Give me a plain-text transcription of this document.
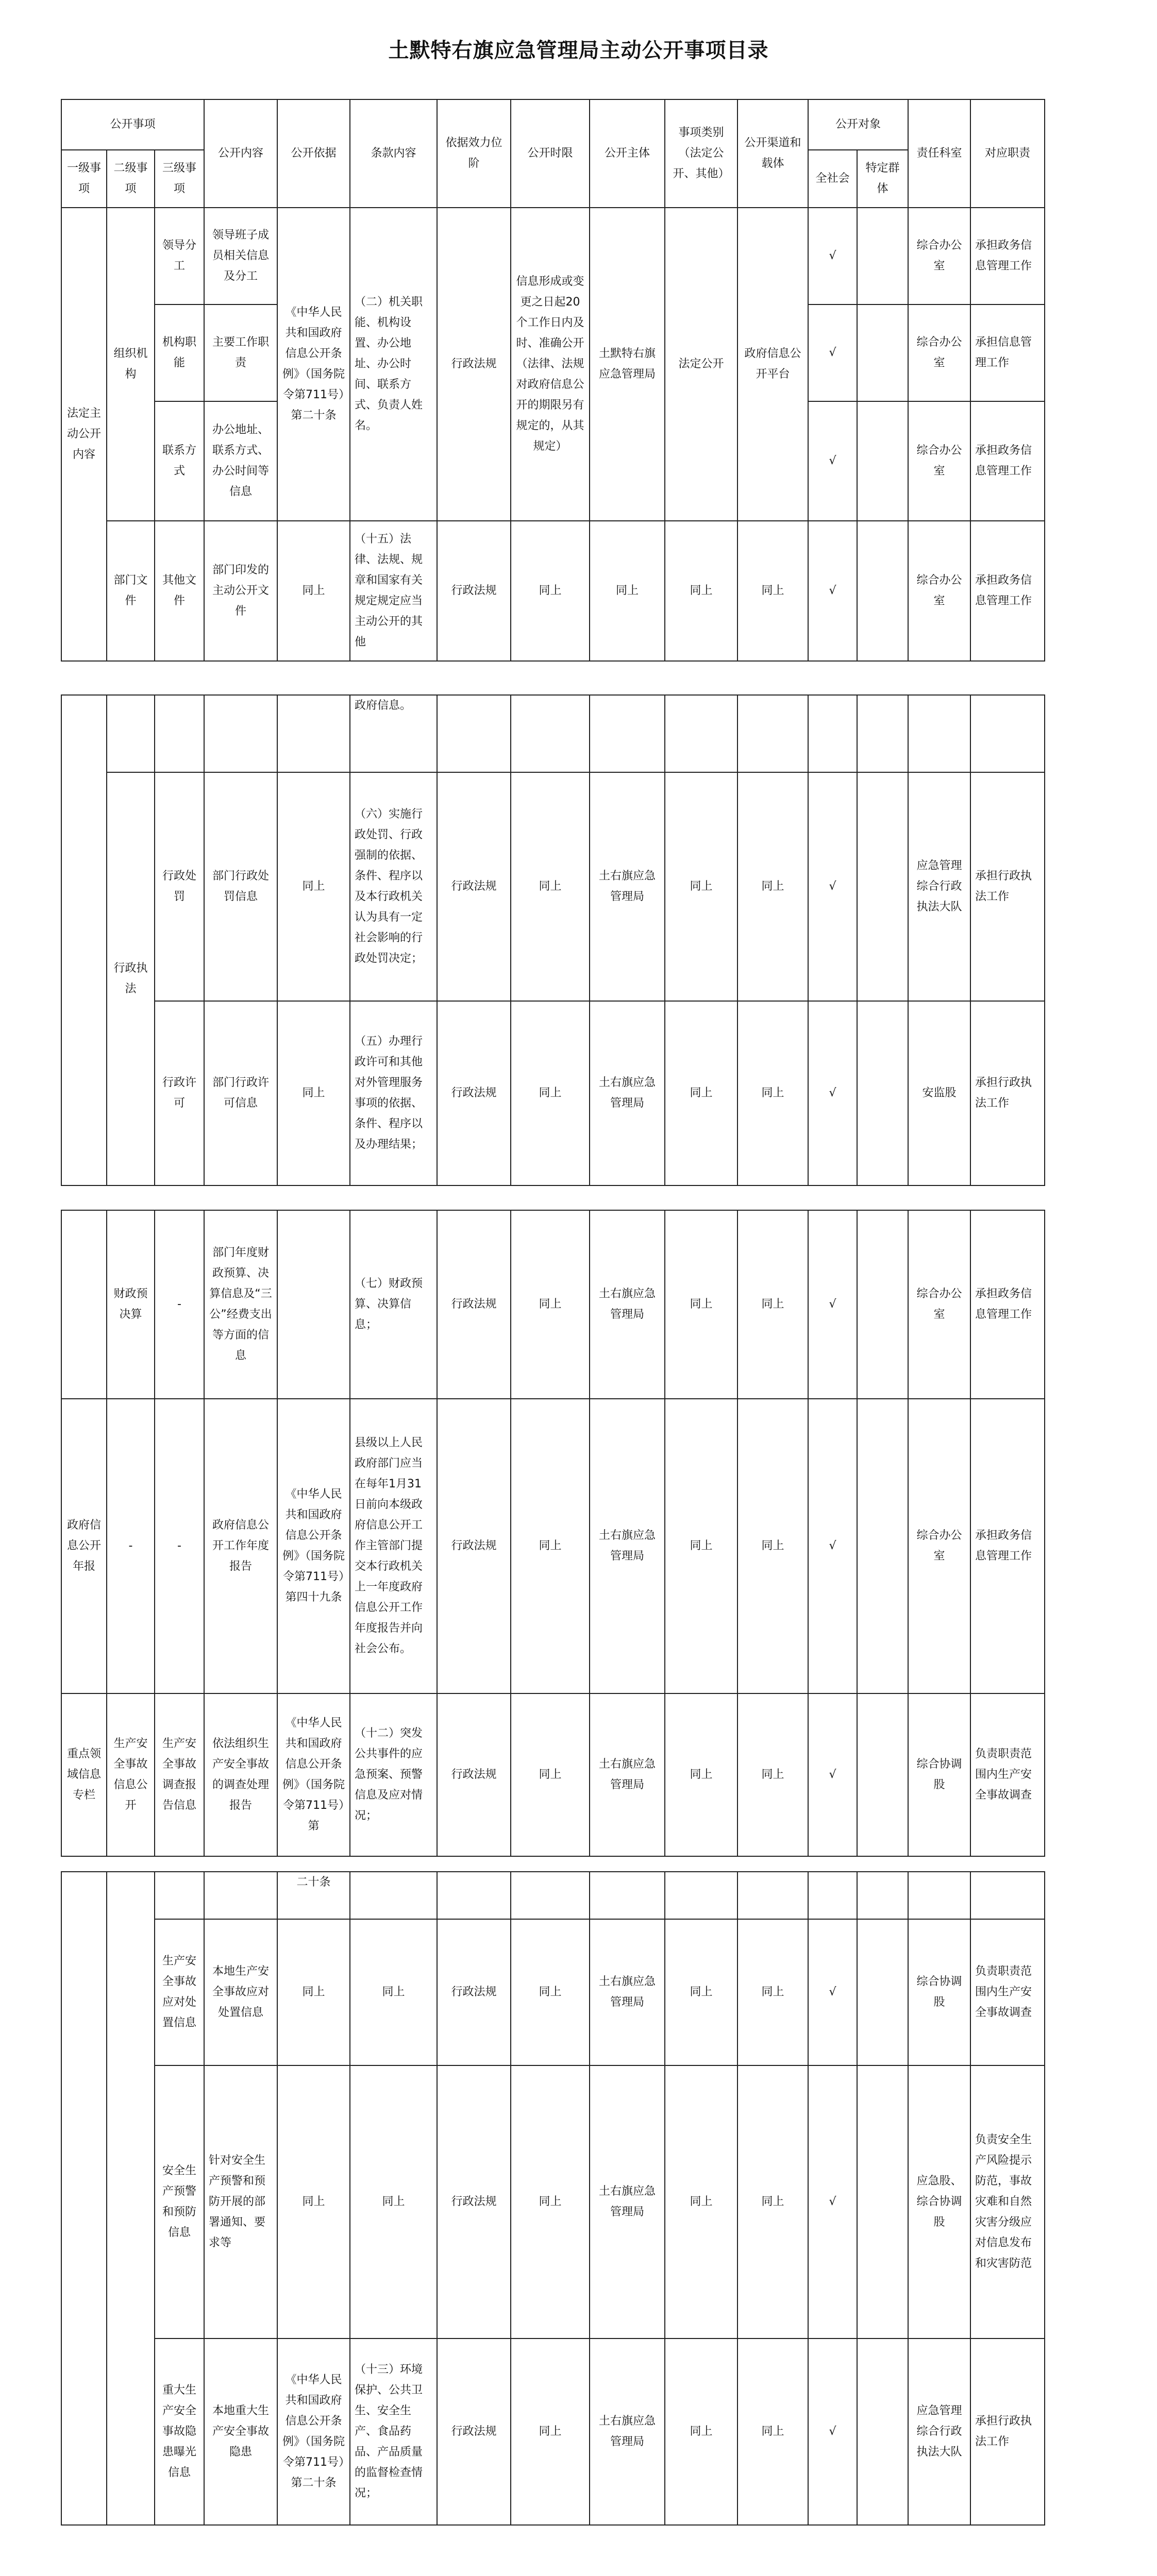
土默特右旗应急管理局主动公开事项目录
公开事项			公开内容	公开依据	条款内容	依据效力位阶	公开时限	公开主体	事项类别（法定公开、其他）	公开渠道和载体	公开对象		责任科室	对应职责
一级事项	二级事项	三级事项									全社会	特定群体		
法定主动公开内容	组织机构	领导分工	领导班子成员相关信息及分工	《中华人民共和国政府信息公开条例》（国务院令第711号）第二十条	（二）机关职能、机构设置、办公地址、办公时间、联系方式、负责人姓名。	行政法规	信息形成或变更之日起20个工作日内及时、准确公开（法律、法规对政府信息公开的期限另有规定的，从其规定）	土默特右旗应急管理局	法定公开	政府信息公开平台	√		综合办公室	承担政务信息管理工作
		机构职能	主要工作职责								√		综合办公室	承担信息管理工作
		联系方式	办公地址、联系方式、办公时间等信息								√		综合办公室	承担政务信息管理工作
	部门文件	其他文件	部门印发的主动公开文件	同上	（十五）法律、法规、规章和国家有关规定规定应当主动公开的其他	行政法规	同上	同上	同上	同上	√		综合办公室	承担政务信息管理工作
					政府信息。									
	行政执法	行政处罚	部门行政处罚信息	同上	（六）实施行政处罚、行政强制的依据、条件、程序以及本行政机关认为具有一定社会影响的行政处罚决定；	行政法规	同上	土右旗应急管理局	同上	同上	√		应急管理综合行政执法大队	承担行政执法工作
		行政许可	部门行政许可信息	同上	（五）办理行政许可和其他对外管理服务事项的依据、条件、程序以及办理结果；	行政法规	同上	土右旗应急管理局	同上	同上	√		安监股	承担行政执法工作
	财政预决算	-	部门年度财政预算、决算信息及“三公”经费支出等方面的信息		（七）财政预算、决算信息；	行政法规	同上	土右旗应急管理局	同上	同上	√		综合办公室	承担政务信息管理工作
政府信息公开年报	-	-	政府信息公开工作年度报告	《中华人民共和国政府信息公开条例》（国务院令第711号）第四十九条	县级以上人民政府部门应当在每年1月31日前向本级政府信息公开工作主管部门提交本行政机关上一年度政府信息公开工作年度报告并向社会公布。	行政法规	同上	土右旗应急管理局	同上	同上	√		综合办公室	承担政务信息管理工作
重点领域信息专栏	生产安全事故信息公开	生产安全事故调查报告信息	依法组织生产安全事故的调查处理报告	《中华人民共和国政府信息公开条例》（国务院令第711号）第	（十二）突发公共事件的应急预案、预警信息及应对情况；	行政法规	同上	土右旗应急管理局	同上	同上	√		综合协调股	负责职责范围内生产安全事故调查
				二十条										
		生产安全事故应对处置信息	本地生产安全事故应对处置信息	同上	同上	行政法规	同上	土右旗应急管理局	同上	同上	√		综合协调股	负责职责范围内生产安全事故调查
		安全生产预警和预防信息	针对安全生产预警和预防开展的部署通知、要求等	同上	同上	行政法规	同上	土右旗应急管理局	同上	同上	√		应急股、综合协调股	负责安全生产风险提示防范，事故灾难和自然灾害分级应对信息发布和灾害防范
		重大生产安全事故隐患曝光信息	本地重大生产安全事故隐患	《中华人民共和国政府信息公开条例》（国务院令第711号）第二十条	（十三）环境保护、公共卫生、安全生产、食品药品、产品质量的监督检查情况；	行政法规	同上	土右旗应急管理局	同上	同上	√		应急管理综合行政执法大队	承担行政执法工作
